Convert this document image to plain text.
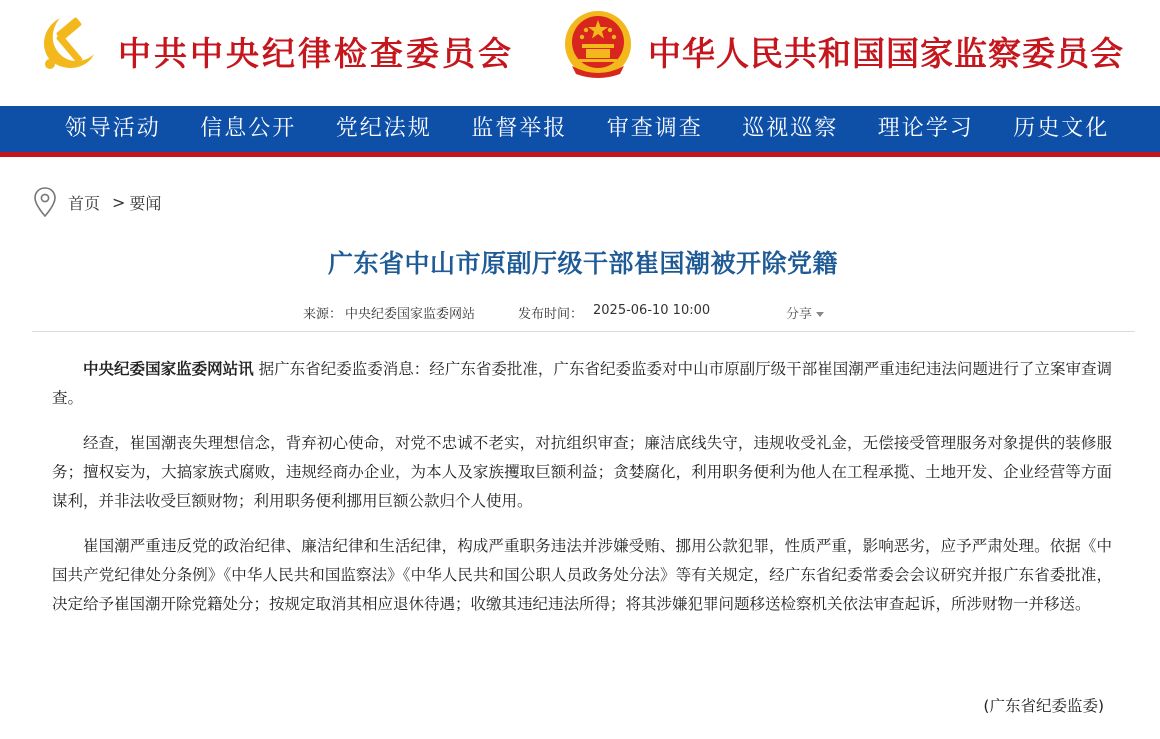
中共中央纪律检查委员会	中华人民共和国国家监察委员会
领导活动	信息公开	党纪法规	监督举报	审查调查	巡视巡察	理论学习	历史文化
首页 > 要闻
广东省中山市原副厅级干部崔国潮被开除党籍
来源： 中央纪委国家监委网站	发布时间： 2025-06-10 10:00	分享

中央纪委国家监委网站讯 据广东省纪委监委消息：经广东省委批准，广东省纪委监委对中山市原副厅级干部崔国潮严重违纪违法问题进行了立案审查调查。

经查，崔国潮丧失理想信念，背弃初心使命，对党不忠诚不老实，对抗组织审查；廉洁底线失守，违规收受礼金，无偿接受管理服务对象提供的装修服务；擅权妄为，大搞家族式腐败，违规经商办企业，为本人及家族攫取巨额利益；贪婪腐化，利用职务便利为他人在工程承揽、土地开发、企业经营等方面谋利，并非法收受巨额财物；利用职务便利挪用巨额公款归个人使用。

崔国潮严重违反党的政治纪律、廉洁纪律和生活纪律，构成严重职务违法并涉嫌受贿、挪用公款犯罪，性质严重，影响恶劣，应予严肃处理。依据《中国共产党纪律处分条例》《中华人民共和国监察法》《中华人民共和国公职人员政务处分法》等有关规定，经广东省纪委常委会会议研究并报广东省委批准，决定给予崔国潮开除党籍处分；按规定取消其相应退休待遇；收缴其违纪违法所得；将其涉嫌犯罪问题移送检察机关依法审查起诉，所涉财物一并移送。

(广东省纪委监委)
